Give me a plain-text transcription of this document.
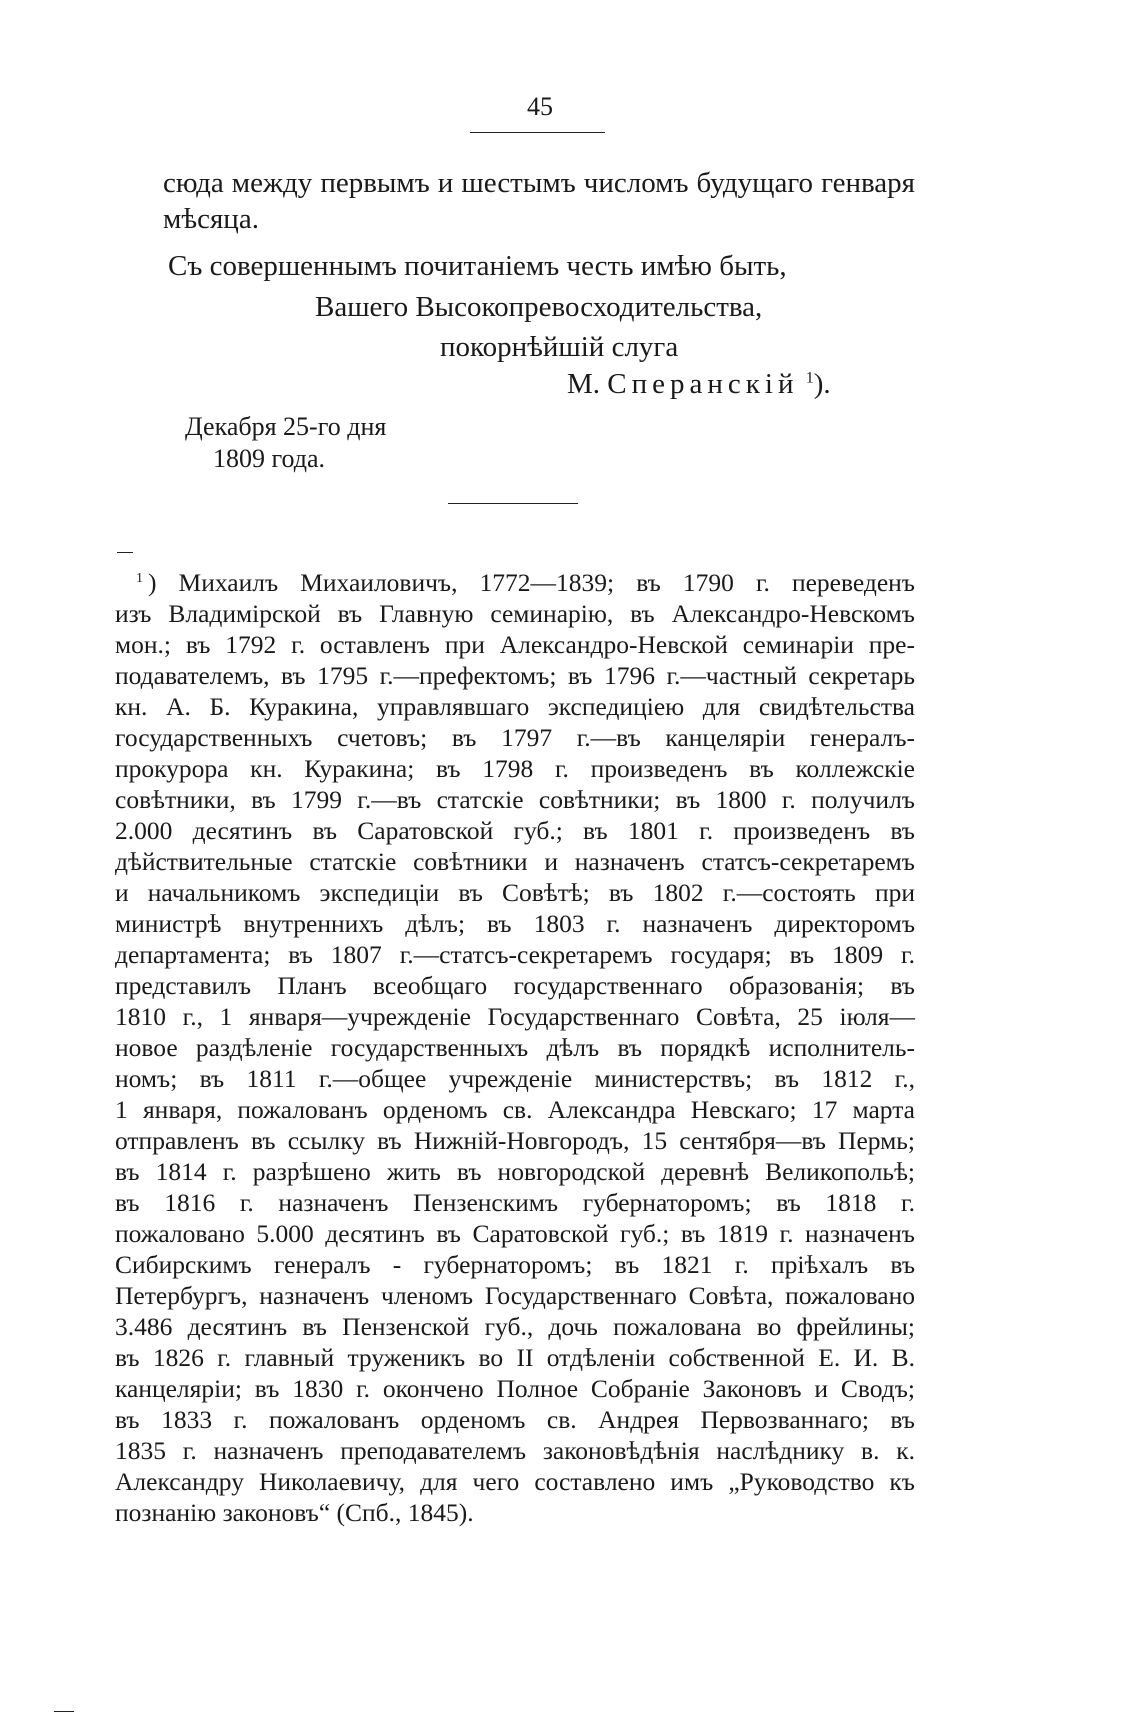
45
сюда между первымъ и шестымъ числомъ будущаго генваря
мѣсяца.
Съ совершеннымъ почитаніемъ честь имѣю быть,
Вашего Высокопревосходительства,
покорнѣйшій слуга
М. Сперанскій $^1$).
Декабря 25-го дня
1809 года.
1 ) Михаилъ Михаиловичъ, 1772—1839; въ 1790 г. переведенъ
изъ Владимірской въ Главную семинарію, въ Александро-Невскомъ
мон.; въ 1792 г. оставленъ при Александро-Невской семинаріи пре-
подавателемъ, въ 1795 г.—префектомъ; въ 1796 г.—частный секретарь
кн. А. Б. Куракина, управлявшаго экспедиціею для свидѣтельства
государственныхъ счетовъ; въ 1797 г.—въ канцеляріи генералъ-
прокурора кн. Куракина; въ 1798 г. произведенъ въ коллежскіе
совѣтники, въ 1799 г.—въ статскіе совѣтники; въ 1800 г. получилъ
2.000 десятинъ въ Саратовской губ.; въ 1801 г. произведенъ въ
дѣйствительные статскіе совѣтники и назначенъ статсъ-секретаремъ
и начальникомъ экспедиціи въ Совѣтѣ; въ 1802 г.—состоять при
министрѣ внутреннихъ дѣлъ; въ 1803 г. назначенъ директоромъ
департамента; въ 1807 г.—статсъ-секретаремъ государя; въ 1809 г.
представилъ Планъ всеобщаго государственнаго образованія; въ
1810 г., 1 января—учрежденіе Государственнаго Совѣта, 25 іюля—
новое раздѣленіе государственныхъ дѣлъ въ порядкѣ исполнитель-
номъ; въ 1811 г.—общее учрежденіе министерствъ; въ 1812 г.,
1 января, пожалованъ орденомъ св. Александра Невскаго; 17 марта
отправленъ въ ссылку въ Нижній-Новгородъ, 15 сентября—въ Пермь;
въ 1814 г. разрѣшено жить въ новгородской деревнѣ Великопольѣ;
въ 1816 г. назначенъ Пензенскимъ губернаторомъ; въ 1818 г.
пожаловано 5.000 десятинъ въ Саратовской губ.; въ 1819 г. назначенъ
Сибирскимъ генералъ - губернаторомъ; въ 1821 г. пріѣхалъ въ
Петербургъ, назначенъ членомъ Государственнаго Совѣта, пожаловано
3.486 десятинъ въ Пензенской губ., дочь пожалована во фрейлины;
въ 1826 г. главный труженикъ во II отдѣленіи собственной Е. И. В.
канцеляріи; въ 1830 г. окончено Полное Собраніе Законовъ и Сводъ;
въ 1833 г. пожалованъ орденомъ св. Андрея Первозваннаго; въ
1835 г. назначенъ преподавателемъ законовѣдѣнія наслѣднику в. к.
Александру Николаевичу, для чего составлено имъ „Руководство къ
познанію законовъ“ (Спб., 1845).
